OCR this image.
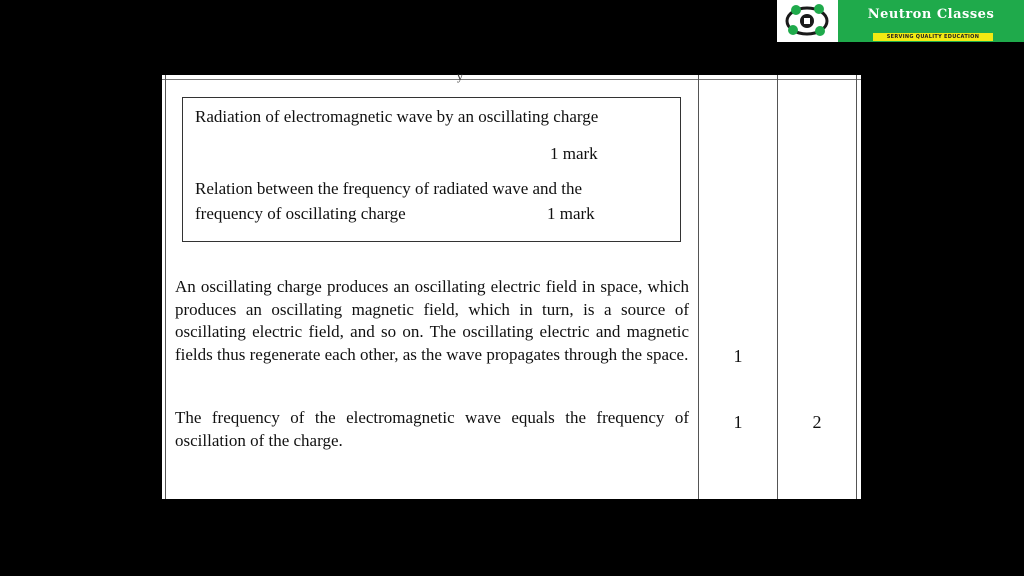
Neutron Classes
SERVING QUALITY EDUCATION
y
Radiation of electromagnetic wave by an oscillating charge
1 mark
Relation between the frequency of radiated wave and the
frequency of oscillating charge	1 mark
An oscillating charge produces an oscillating electric field in space, which produces an oscillating magnetic field, which in turn, is a source of oscillating electric field, and so on. The oscillating electric and magnetic fields thus regenerate each other, as the wave propagates through the space.
The frequency of the electromagnetic wave equals the frequency of oscillation of the charge.
1
1	2
